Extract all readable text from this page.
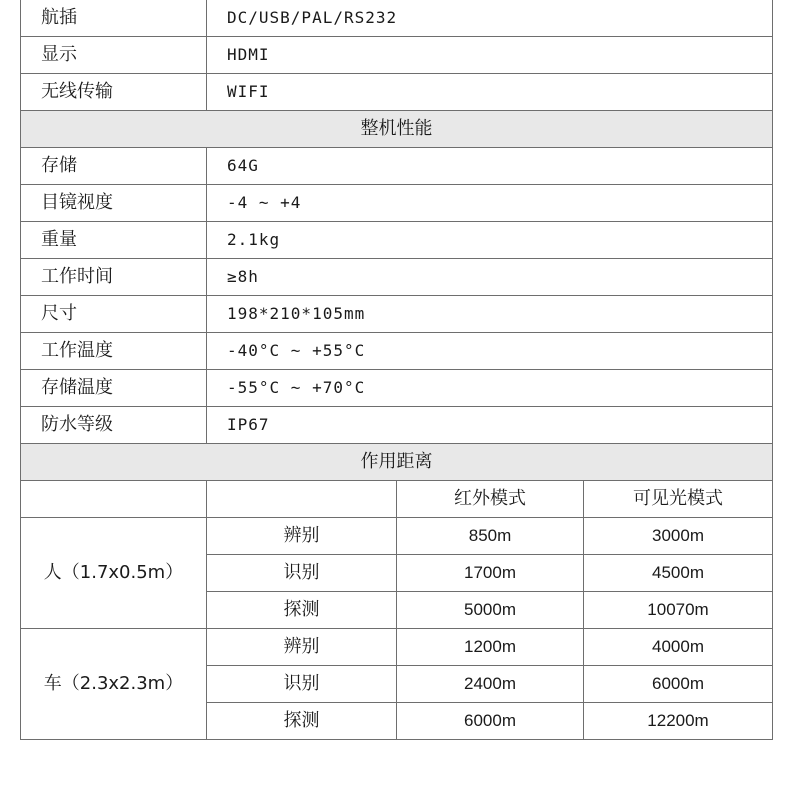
航插	DC/USB/PAL/RS232		
显示	HDMI		
无线传输	WIFI		
整机性能			
存储	64G		
目镜视度	-4 ~ +4		
重量	2.1kg		
工作时间	≥8h		
尺寸	198*210*105mm		
工作温度	-40°C ~ +55°C		
存储温度	-55°C ~ +70°C		
防水等级	IP67		
作用距离			
		红外模式	可见光模式
人（1.7x0.5m）	辨别	850m	3000m
	识别	1700m	4500m
	探测	5000m	10070m
车（2.3x2.3m）	辨别	1200m	4000m
	识别	2400m	6000m
	探测	6000m	12200m
